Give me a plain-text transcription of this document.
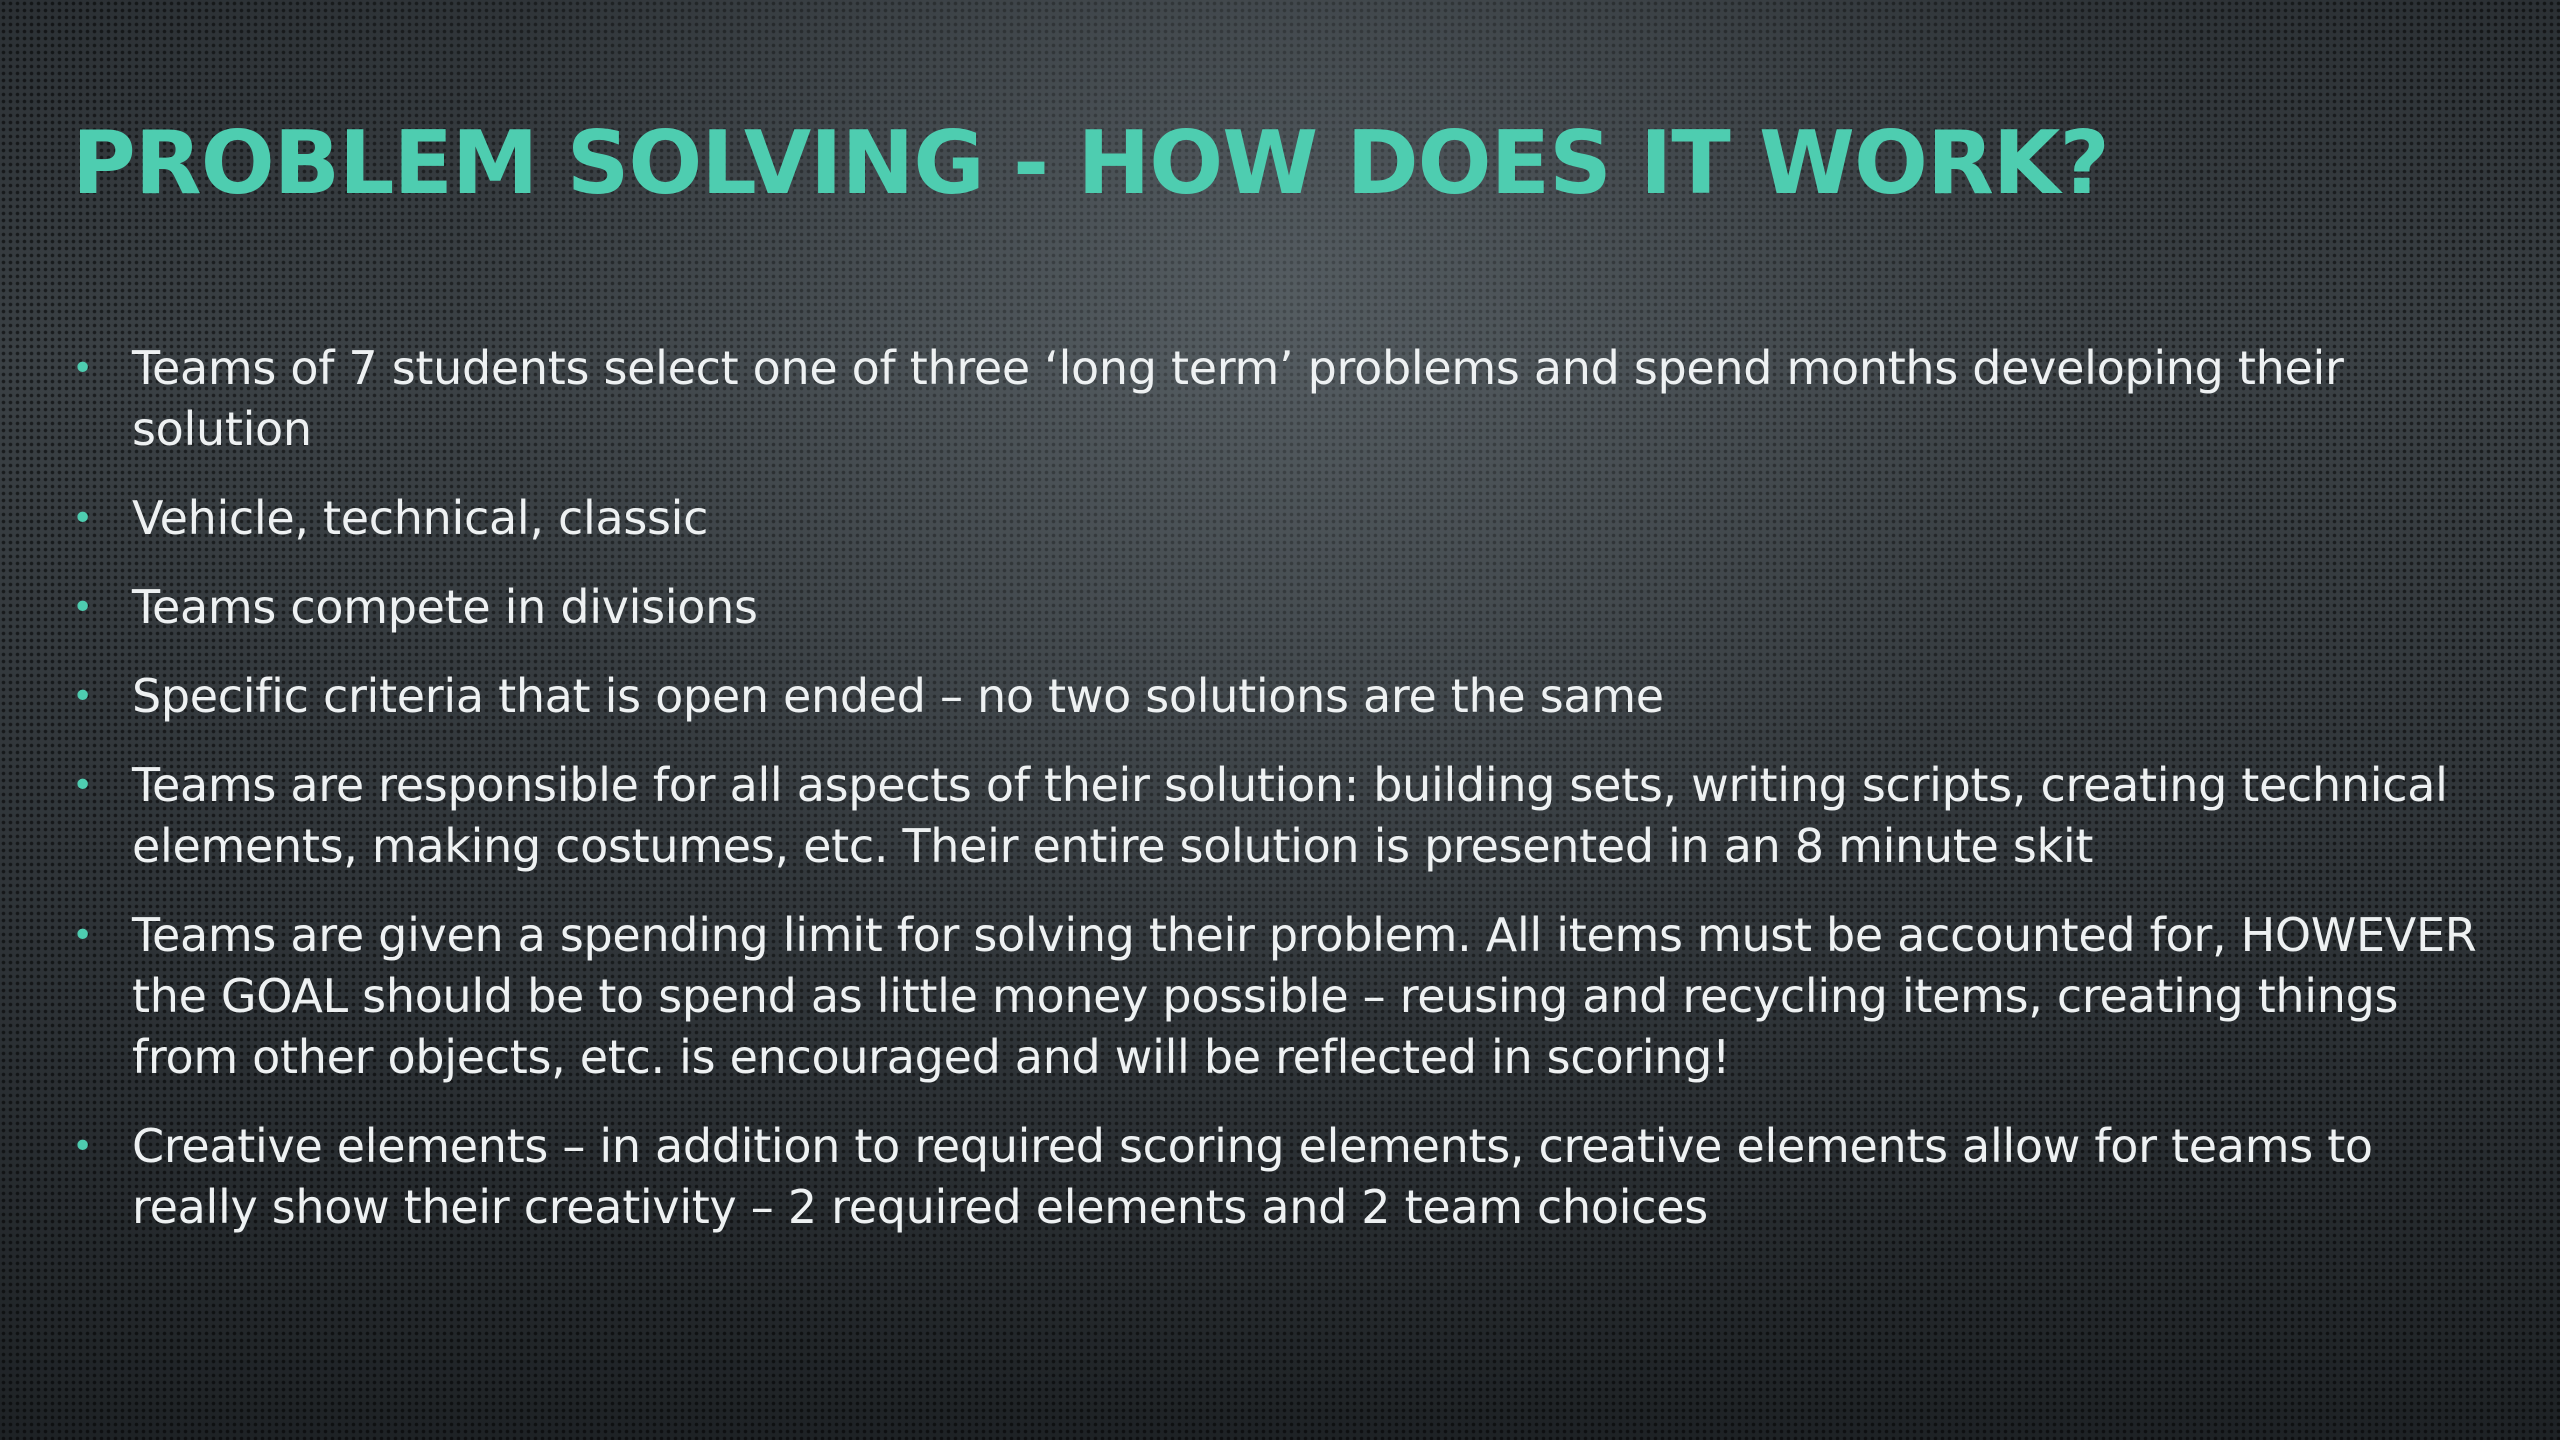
PROBLEM SOLVING - HOW DOES IT WORK?
• Teams of 7 students select one of three ‘long term’ problems and spend months developing their solution
• Vehicle, technical, classic
• Teams compete in divisions
• Specific criteria that is open ended – no two solutions are the same
• Teams are responsible for all aspects of their solution: building sets, writing scripts, creating technical elements, making costumes, etc. Their entire solution is presented in an 8 minute skit
• Teams are given a spending limit for solving their problem. All items must be accounted for, HOWEVER the GOAL should be to spend as little money possible – reusing and recycling items, creating things from other objects, etc. is encouraged and will be reflected in scoring!
• Creative elements – in addition to required scoring elements, creative elements allow for teams to really show their creativity – 2 required elements and 2 team choices
